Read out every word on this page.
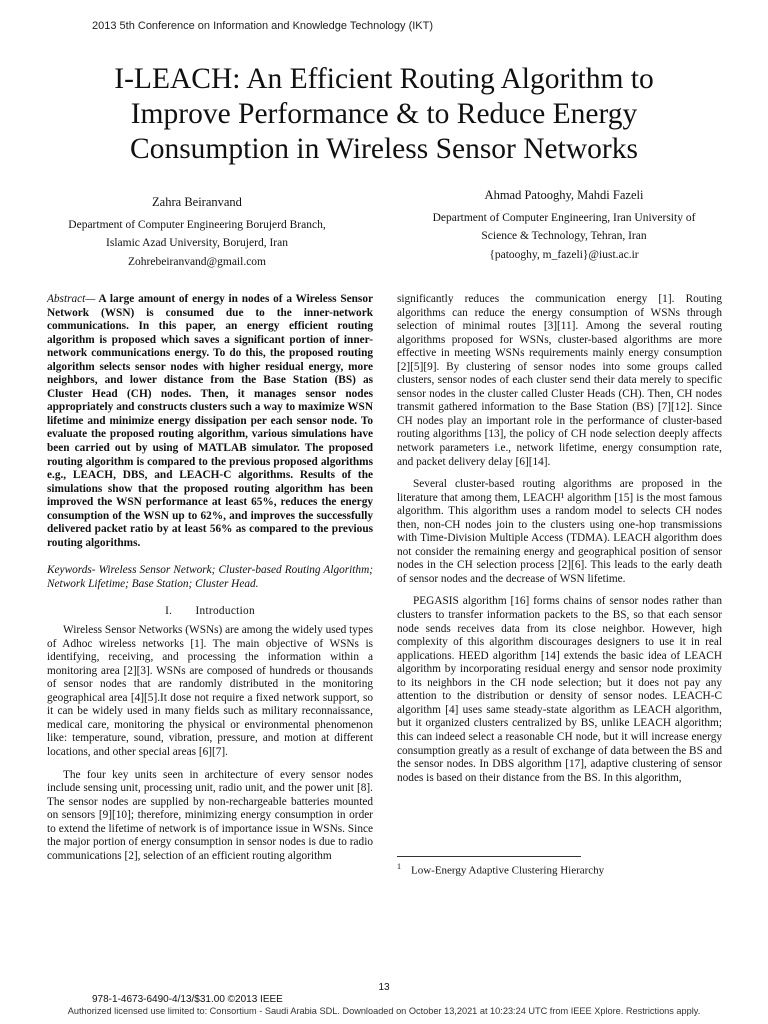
2013 5th Conference on Information and Knowledge Technology (IKT)
I-LEACH: An Efficient Routing Algorithm to
Improve Performance & to Reduce Energy
Consumption in Wireless Sensor Networks
Zahra Beiranvand
Department of Computer Engineering Borujerd Branch,
Islamic Azad University, Borujerd, Iran
Zohrebeiranvand@gmail.com
Ahmad Patooghy, Mahdi Fazeli
Department of Computer Engineering, Iran University of
Science & Technology, Tehran, Iran
{patooghy, m_fazeli}@iust.ac.ir

Abstract— A large amount of energy in nodes of a Wireless Sensor Network (WSN) is consumed due to the inner-network communications. In this paper, an energy efficient routing algorithm is proposed which saves a significant portion of inner-network communications energy. To do this, the proposed routing algorithm selects sensor nodes with higher residual energy, more neighbors, and lower distance from the Base Station (BS) as Cluster Head (CH) nodes. Then, it manages sensor nodes appropriately and constructs clusters such a way to maximize WSN lifetime and minimize energy dissipation per each sensor node. To evaluate the proposed routing algorithm, various simulations have been carried out by using of MATLAB simulator. The proposed routing algorithm is compared to the previous proposed algorithms e.g., LEACH, DBS, and LEACH-C algorithms. Results of the simulations show that the proposed routing algorithm has been improved the WSN performance at least 65%, reduces the energy consumption of the WSN up to 62%, and improves the successfully delivered packet ratio by at least 56% as compared to the previous routing algorithms.

Keywords- Wireless Sensor Network; Cluster-based Routing Algorithm; Network Lifetime; Base Station; Cluster Head.

I.  Introduction

Wireless Sensor Networks (WSNs) are among the widely used types of Adhoc wireless networks [1]. The main objective of WSNs is identifying, receiving, and processing the information within a monitoring area [2][3]. WSNs are composed of hundreds or thousands of sensor nodes that are randomly distributed in the monitoring geographical area [4][5].It dose not require a fixed network support, so it can be widely used in many fields such as military reconnaissance, medical care, monitoring the physical or environmental phenomenon like: temperature, sound, vibration, pressure, and motion at different locations, and other special areas [6][7].

The four key units seen in architecture of every sensor nodes include sensing unit, processing unit, radio unit, and the power unit [8]. The sensor nodes are supplied by non-rechargeable batteries mounted on sensors [9][10]; therefore, minimizing energy consumption in order to extend the lifetime of network is of importance issue in WSNs. Since the major portion of energy consumption in sensor nodes is due to radio communications [2], selection of an efficient routing algorithm

significantly reduces the communication energy [1]. Routing algorithms can reduce the energy consumption of WSNs through selection of minimal routes [3][11]. Among the several routing algorithms proposed for WSNs, cluster-based algorithms are more effective in meeting WSNs requirements mainly energy consumption [2][5][9]. By clustering of sensor nodes into some groups called clusters, sensor nodes of each cluster send their data merely to specific sensor nodes in the cluster called Cluster Heads (CH). Then, CH nodes transmit gathered information to the Base Station (BS) [7][12]. Since CH nodes play an important role in the performance of cluster-based routing algorithms [13], the policy of CH node selection deeply affects network parameters i.e., network lifetime, energy consumption rate, and packet delivery delay [6][14].

Several cluster-based routing algorithms are proposed in the literature that among them, LEACH¹ algorithm [15] is the most famous algorithm. This algorithm uses a random model to selects CH nodes then, non-CH nodes join to the clusters using one-hop transmissions with Time-Division Multiple Access (TDMA). LEACH algorithm does not consider the remaining energy and geographical position of sensor nodes in the CH selection process [2][6]. This leads to the early death of sensor nodes and the decrease of WSN lifetime.

PEGASIS algorithm [16] forms chains of sensor nodes rather than clusters to transfer information packets to the BS, so that each sensor node sends receives data from its close neighbor. However, high complexity of this algorithm discourages designers to use it in real applications. HEED algorithm [14] extends the basic idea of LEACH algorithm by incorporating residual energy and sensor node proximity to its neighbors in the CH node selection; but it does not pay any attention to the distribution or density of sensor nodes. LEACH-C algorithm [4] uses same steady-state algorithm as LEACH algorithm, but it organized clusters centralized by BS, unlike LEACH algorithm; this can indeed select a reasonable CH node, but it will increase energy consumption greatly as a result of exchange of data between the BS and the sensor nodes. In DBS algorithm [17], adaptive clustering of sensor nodes is based on their distance from the BS. In this algorithm,

$^1$ Low-Energy Adaptive Clustering Hierarchy
13
978-1-4673-6490-4/13/$31.00 ©2013 IEEE
Authorized licensed use limited to: Consortium - Saudi Arabia SDL. Downloaded on October 13,2021 at 10:23:24 UTC from IEEE Xplore. Restrictions apply.
